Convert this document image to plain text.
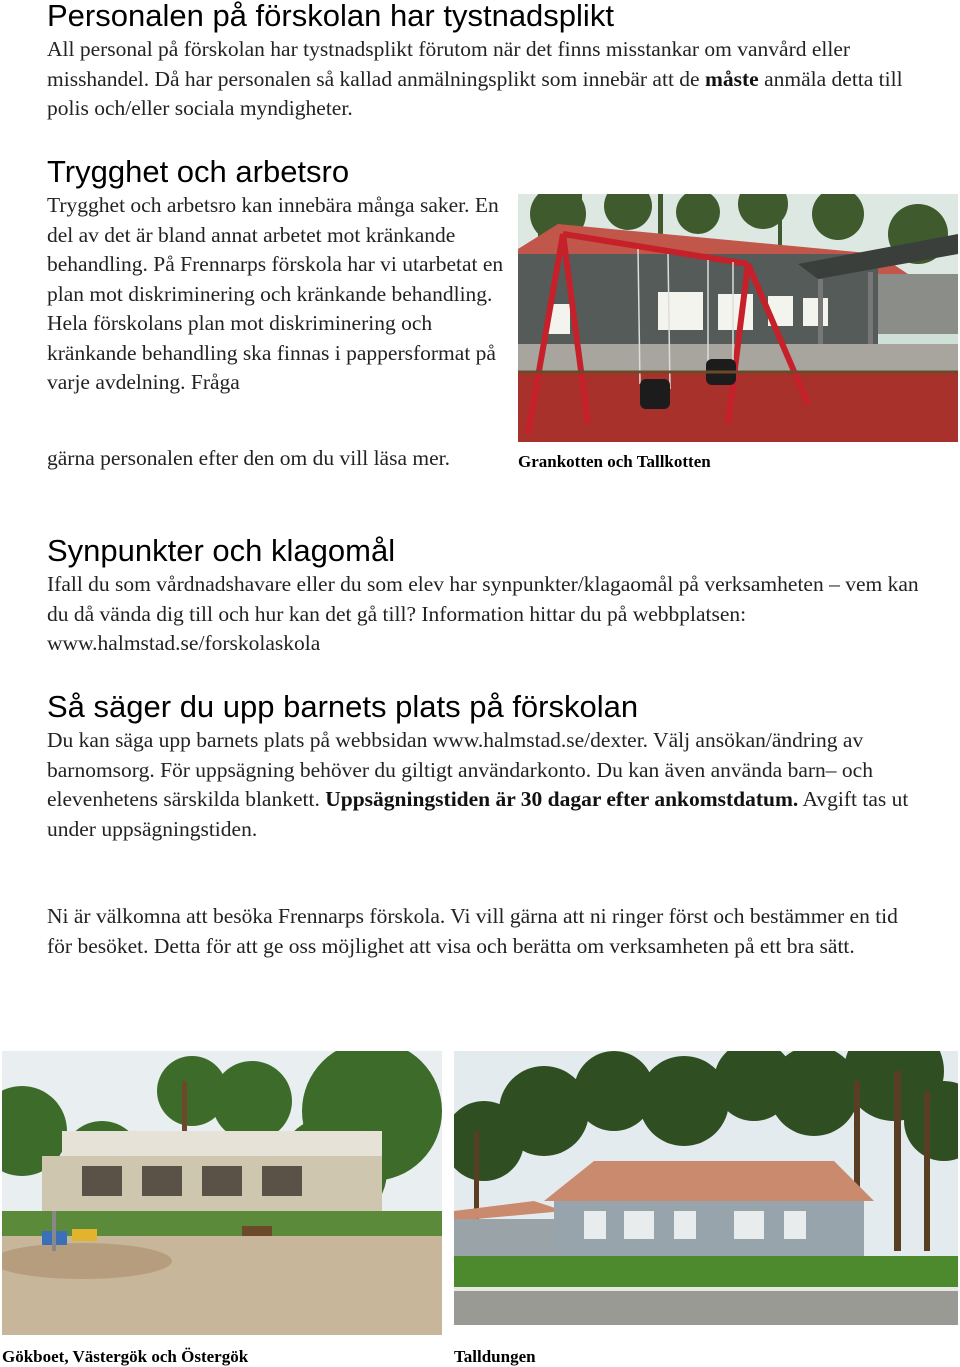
Personalen på förskolan har tystnadsplikt

All personal på förskolan har tystnadsplikt förutom när det finns misstankar om vanvård eller misshandel. Då har personalen så kallad anmälningsplikt som innebär att de måste anmäla detta till polis och/eller sociala myndigheter.

Trygghet och arbetsro

Trygghet och arbetsro kan innebära många saker. En del av det är bland annat arbetet mot kränkande behandling. På Frennarps förskola har vi utarbetat en plan mot diskriminering och kränkande behandling. Hela förskolans plan mot diskriminering och kränkande behandling ska finnas i pappersformat på varje avdelning. Fråga

gärna personalen efter den om du vill läsa mer.	Grankotten och Tallkotten
Synpunkter och klagomål

Ifall du som vårdnadshavare eller du som elev har synpunkter/klagaomål på verksamheten – vem kan du då vända dig till och hur kan det gå till? Information hittar du på webbplatsen: www.halmstad.se/forskolaskola

Så säger du upp barnets plats på förskolan

Du kan säga upp barnets plats på webbsidan www.halmstad.se/dexter. Välj ansökan/ändring av barnomsorg. För uppsägning behöver du giltigt användarkonto. Du kan även använda barn– och elevenhetens särskilda blankett. Uppsägningstiden är 30 dagar efter ankomstdatum. Avgift tas ut under uppsägningstiden.

Ni är välkomna att besöka Frennarps förskola. Vi vill gärna att ni ringer först och bestämmer en tid för besöket. Detta för att ge oss möjlighet att visa och berätta om verksamheten på ett bra sätt.

Gökboet, Västergök och Östergök	Talldungen
